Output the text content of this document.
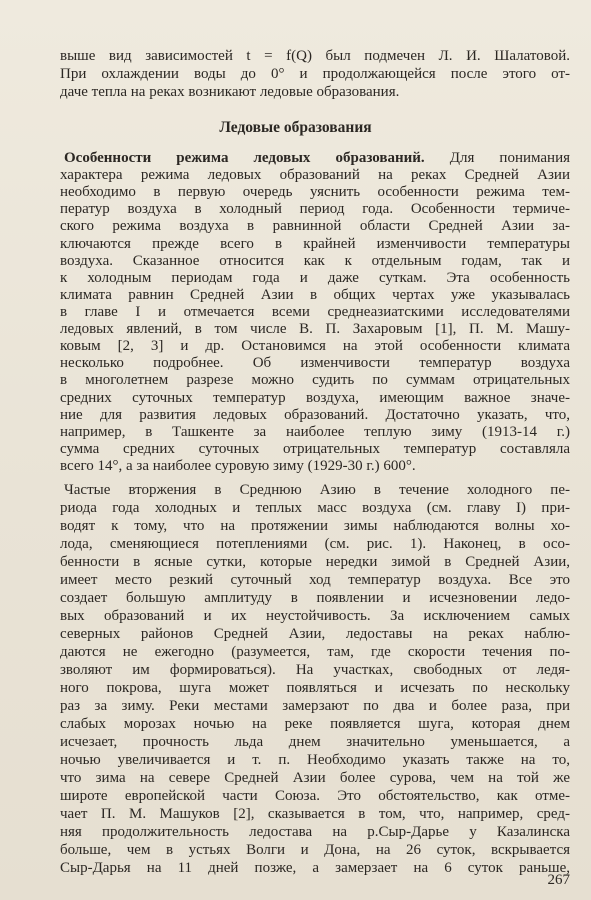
выше вид зависимостей t = f(Q) был подмечен Л. И. Шалатовой.
При охлаждении воды до 0° и продолжающейся после этого от-
даче тепла на реках возникают ледовые образования.
Ледовые образования
Особенности режима ледовых образований. Для понимания
характера режима ледовых образований на реках Средней Азии
необходимо в первую очередь уяснить особенности режима тем-
ператур воздуха в холодный период года. Особенности термиче-
ского режима воздуха в равнинной области Средней Азии за-
ключаются прежде всего в крайней изменчивости температуры
воздуха. Сказанное относится как к отдельным годам, так и
к холодным периодам года и даже суткам. Эта особенность
климата равнин Средней Азии в общих чертах уже указывалась
в главе I и отмечается всеми среднеазиатскими исследователями
ледовых явлений, в том числе В. П. Захаровым [1], П. М. Машу-
ковым [2, 3] и др. Остановимся на этой особенности климата
несколько подробнее. Об изменчивости температур воздуха
в многолетнем разрезе можно судить по суммам отрицательных
средних суточных температур воздуха, имеющим важное значе-
ние для развития ледовых образований. Достаточно указать, что,
например, в Ташкенте за наиболее теплую зиму (1913-14 г.)
сумма средних суточных отрицательных температур составляла
всего 14°, а за наиболее суровую зиму (1929-30 г.) 600°.
Частые вторжения в Среднюю Азию в течение холодного пе-
риода года холодных и теплых масс воздуха (см. главу I) при-
водят к тому, что на протяжении зимы наблюдаются волны хо-
лода, сменяющиеся потеплениями (см. рис. 1). Наконец, в осо-
бенности в ясные сутки, которые нередки зимой в Средней Азии,
имеет место резкий суточный ход температур воздуха. Все это
создает большую амплитуду в появлении и исчезновении ледо-
вых образований и их неустойчивость. За исключением самых
северных районов Средней Азии, ледоставы на реках наблю-
даются не ежегодно (разумеется, там, где скорости течения по-
зволяют им формироваться). На участках, свободных от ледя-
ного покрова, шуга может появляться и исчезать по нескольку
раз за зиму. Реки местами замерзают по два и более раза, при
слабых морозах ночью на реке появляется шуга, которая днем
исчезает, прочность льда днем значительно уменьшается, а
ночью увеличивается и т. п. Необходимо указать также на то,
что зима на севере Средней Азии более сурова, чем на той же
широте европейской части Союза. Это обстоятельство, как отме-
чает П. М. Машуков [2], сказывается в том, что, например, сред-
няя продолжительность ледостава на р.Сыр-Дарье у Казалинска
больше, чем в устьях Волги и Дона, на 26 суток, вскрывается
Сыр-Дарья на 11 дней позже, а замерзает на 6 суток раньше,
267
